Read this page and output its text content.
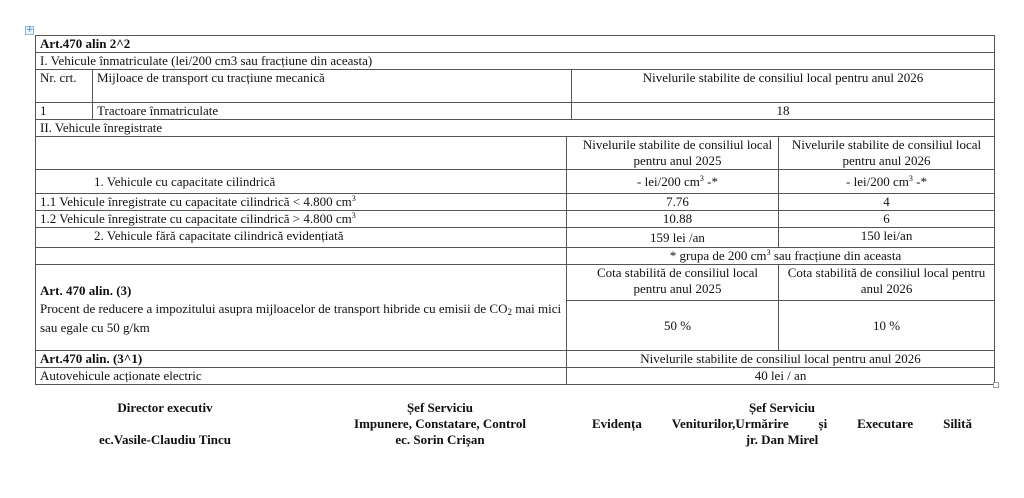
+
Art.470 alin 2^2				
I. Vehicule înmatriculate (lei/200 cm3 sau fracțiune din aceasta)				
Nr. crt.	Mijloace de transport cu tracțiune mecanică		Nivelurile stabilite de consiliul local pentru anul 2026	
1	Tractoare înmatriculate		18	
II. Vehicule înregistrate				
		Nivelurile stabilite de consiliul local pentru anul 2025		Nivelurile stabilite de consiliul local pentru anul 2026
1. Vehicule cu capacitate cilindrică		- lei/200 $cm^3$ -*		- lei/200 $cm^3$ -*
1.1 Vehicule înregistrate cu capacitate cilindrică < 4.800 $cm^3$		7.76		4
1.2 Vehicule înregistrate cu capacitate cilindrică > 4.800 $cm^3$		10.88		6
2. Vehicule fără capacitate cilindrică evidențiată		159 lei /an		150 lei/an
		* grupa de 200 $cm^3$ sau fracțiune din aceasta		

Art. 470 alin. (3)
Procent de reducere a impozitului asupra mijloacelor de transport hibride cu emisii de $CO_2$ mai mici sau egale cu 50 g/km		Cota stabilită de consiliul local pentru anul 2025		Cota stabilită de consiliul local pentru anul 2026
		50 %		10 %
Art.470 alin. (3^1)		Nivelurile stabilite de consiliul local pentru anul 2026		
Autovehicule acționate electric		40 lei / an		
Director executiv

ec.Vasile-Claudiu Tincu
Șef Serviciu
Impunere, Constatare, Control
ec. Sorin Crișan
Șef Serviciu
Evidența Veniturilor,Urmărire și Executare Silită
jr. Dan Mirel
